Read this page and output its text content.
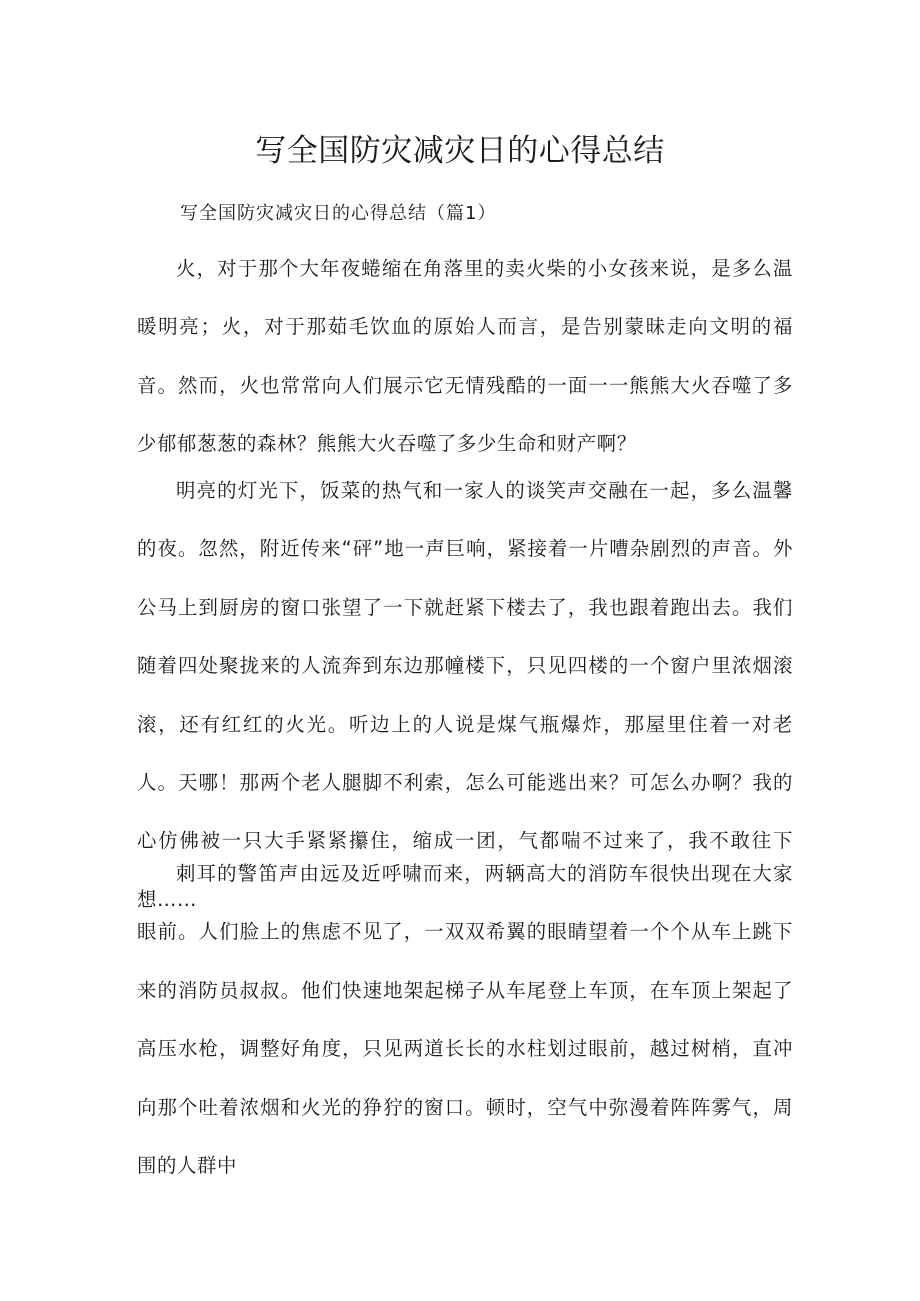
写全国防灾减灾日的心得总结

写全国防灾减灾日的心得总结（篇1）

火，对于那个大年夜蜷缩在角落里的卖火柴的小女孩来说，是多么温暖明亮；火，对于那茹毛饮血的原始人而言，是告别蒙昧走向文明的福音。然而，火也常常向人们展示它无情残酷的一面一一熊熊大火吞噬了多少郁郁葱葱的森林？熊熊大火吞噬了多少生命和财产啊？

明亮的灯光下，饭菜的热气和一家人的谈笑声交融在一起，多么温馨的夜。忽然，附近传来“砰”地一声巨响，紧接着一片嘈杂剧烈的声音。外公马上到厨房的窗口张望了一下就赶紧下楼去了，我也跟着跑出去。我们随着四处聚拢来的人流奔到东边那幢楼下，只见四楼的一个窗户里浓烟滚滚，还有红红的火光。听边上的人说是煤气瓶爆炸，那屋里住着一对老人。天哪！那两个老人腿脚不利索，怎么可能逃出来？可怎么办啊？我的心仿佛被一只大手紧紧攥住，缩成一团，气都喘不过来了，我不敢往下想……

刺耳的警笛声由远及近呼啸而来，两辆高大的消防车很快出现在大家眼前。人们脸上的焦虑不见了，一双双希翼的眼睛望着一个个从车上跳下来的消防员叔叔。他们快速地架起梯子从车尾登上车顶，在车顶上架起了高压水枪，调整好角度，只见两道长长的水柱划过眼前，越过树梢，直冲向那个吐着浓烟和火光的狰狞的窗口。顿时，空气中弥漫着阵阵雾气，周围的人群中
